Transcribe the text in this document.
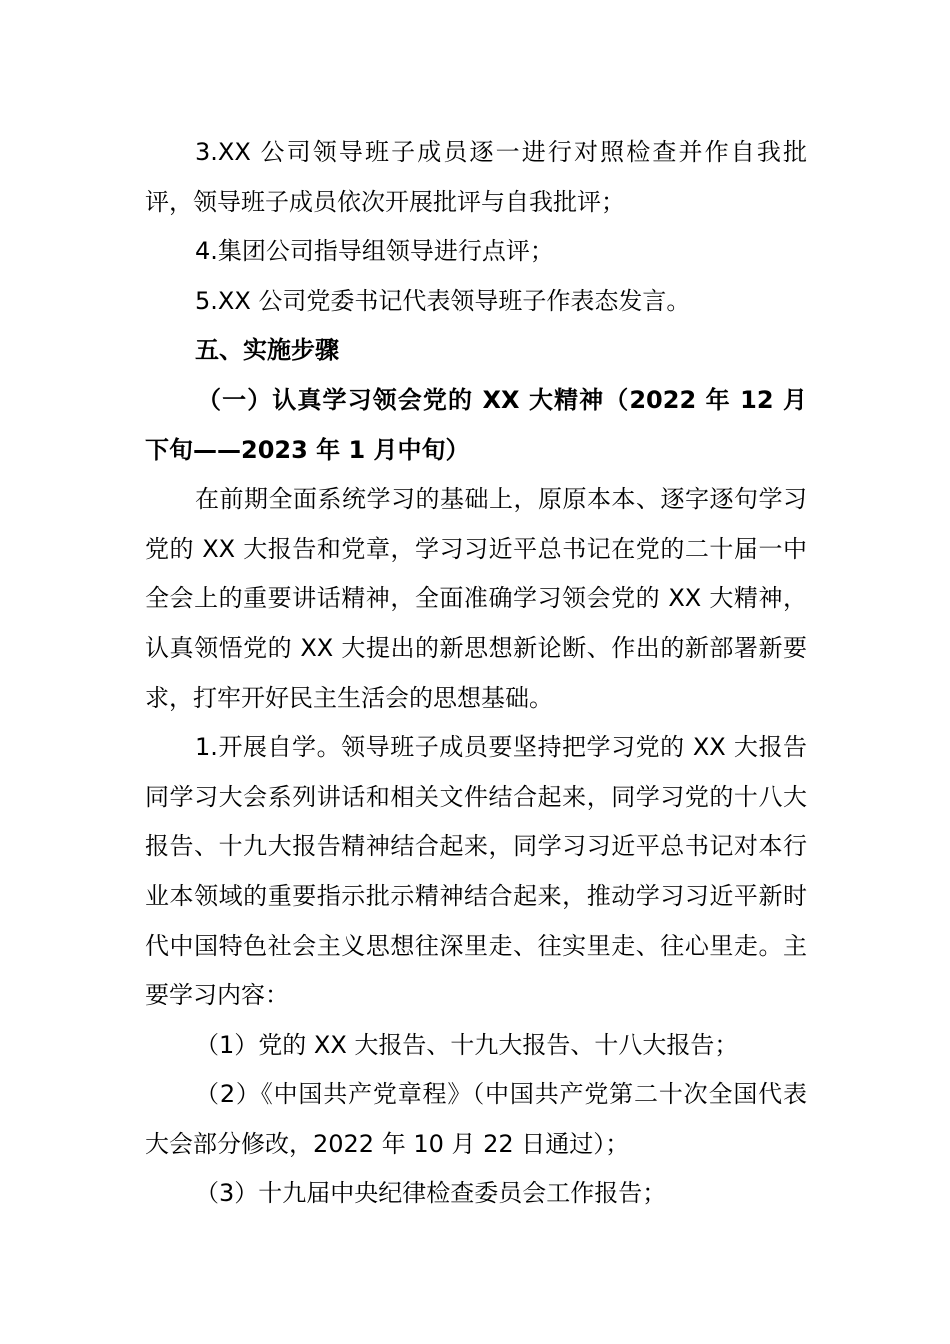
3.XX 公司领导班子成员逐一进行对照检查并作自我批评，领导班子成员依次开展批评与自我批评；

4.集团公司指导组领导进行点评；

5.XX 公司党委书记代表领导班子作表态发言。

五、实施步骤

（一）认真学习领会党的 XX 大精神（2022 年 12 月下旬——2023 年 1 月中旬）

在前期全面系统学习的基础上，原原本本、逐字逐句学习党的 XX 大报告和党章，学习习近平总书记在党的二十届一中全会上的重要讲话精神，全面准确学习领会党的 XX 大精神，认真领悟党的 XX 大提出的新思想新论断、作出的新部署新要求，打牢开好民主生活会的思想基础。

1.开展自学。领导班子成员要坚持把学习党的 XX 大报告同学习大会系列讲话和相关文件结合起来，同学习党的十八大报告、十九大报告精神结合起来，同学习习近平总书记对本行业本领域的重要指示批示精神结合起来，推动学习习近平新时代中国特色社会主义思想往深里走、往实里走、往心里走。主要学习内容：

（1）党的 XX 大报告、十九大报告、十八大报告；

（2）《中国共产党章程》（中国共产党第二十次全国代表大会部分修改，2022 年 10 月 22 日通过）；

（3）十九届中央纪律检查委员会工作报告；
